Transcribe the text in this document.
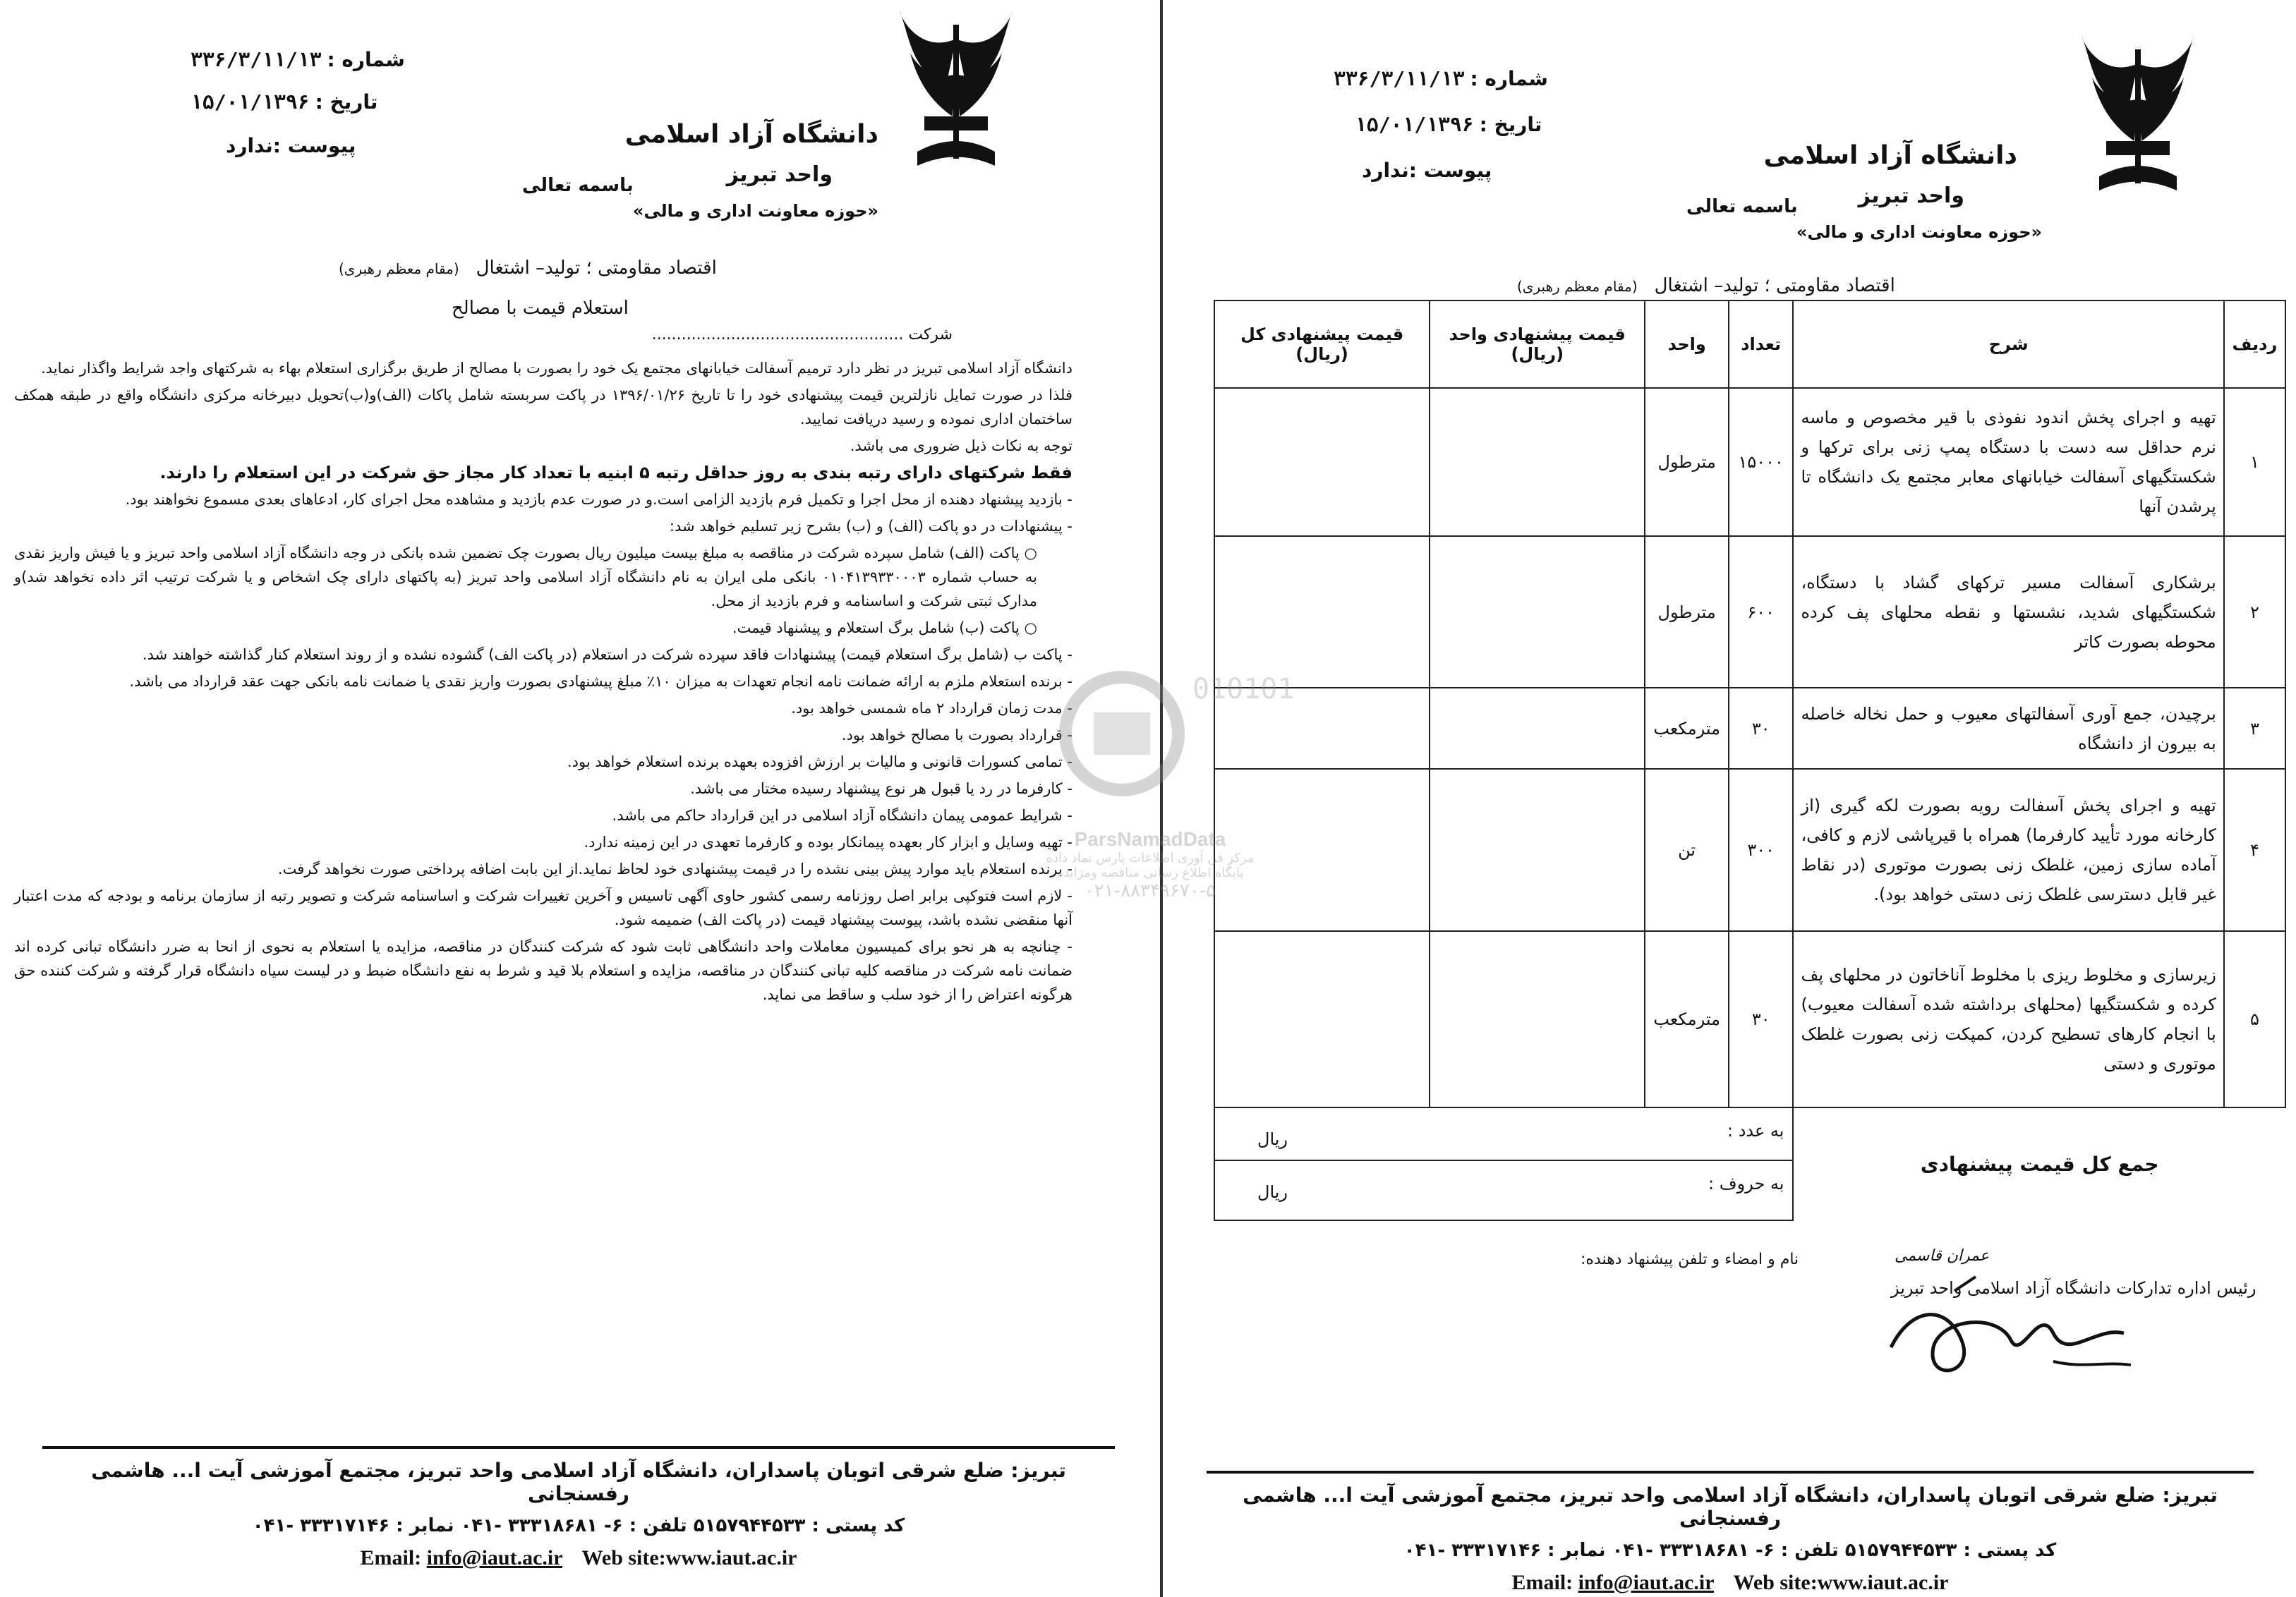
دانشگاه آزاد اسلامی
واحد تبریز
«حوزه معاونت اداری و مالی»
شماره :۳۳۶/۳/۱۱/۱۳
تاریخ :۱۵/۰۱/۱۳۹۶
پیوست :ندارد
باسمه تعالی
اقتصاد مقاومتی ؛ تولید– اشتغال(مقام معظم رهبری)
استعلام قیمت با مصالح
شرکت ...................................................

دانشگاه آزاد اسلامی تبریز در نظر دارد ترمیم آسفالت خیابانهای مجتمع یک خود را بصورت با مصالح از طریق برگزاری استعلام بهاء به شرکتهای واجد شرایط واگذار نماید.

فلذا در صورت تمایل نازلترین قیمت پیشنهادی خود را تا تاریخ ۱۳۹۶/۰۱/۲۶ در پاکت سربسته شامل پاکات (الف)و(ب)تحویل دبیرخانه مرکزی دانشگاه واقع در طبقه همکف ساختمان اداری نموده و رسید دریافت نمایید.

توجه به نکات ذیل ضروری می باشد.

فقط شرکتهای دارای رتبه بندی به روز حداقل رتبه ۵ ابنیه با تعداد کار مجاز حق شرکت در این استعلام را دارند.

- بازدید پیشنهاد دهنده از محل اجرا و تکمیل فرم بازدید الزامی است.و در صورت عدم بازدید و مشاهده محل اجرای کار، ادعاهای بعدی مسموع نخواهند بود.

- پیشنهادات در دو پاکت (الف) و (ب) بشرح زیر تسلیم خواهد شد:

○ پاکت (الف) شامل سپرده شرکت در مناقصه به مبلغ بیست میلیون ریال بصورت چک تضمین شده بانکی در وجه دانشگاه آزاد اسلامی واحد تبریز و یا فیش واریز نقدی به حساب شماره ۰۱۰۴۱۳۹۳۳۰۰۰۳ بانکی ملی ایران به نام دانشگاه آزاد اسلامی واحد تبریز (به پاکتهای دارای چک اشخاص و یا شرکت ترتیب اثر داده نخواهد شد)و مدارک ثبتی شرکت و اساسنامه و فرم بازدید از محل.

○ پاکت (ب) شامل برگ استعلام و پیشنهاد قیمت.

- پاکت ب (شامل برگ استعلام قیمت) پیشنهادات فاقد سپرده شرکت در استعلام (در پاکت الف) گشوده نشده و از روند استعلام کنار گذاشته خواهند شد.

- برنده استعلام ملزم به ارائه ضمانت نامه انجام تعهدات به میزان ۱۰٪ مبلغ پیشنهادی بصورت واریز نقدی یا ضمانت نامه بانکی جهت عقد قرارداد می باشد.

- مدت زمان قرارداد ۲ ماه شمسی خواهد بود.

- قرارداد بصورت با مصالح خواهد بود.

- تمامی کسورات قانونی و مالیات بر ارزش افزوده بعهده برنده استعلام خواهد بود.

- کارفرما در رد یا قبول هر نوع پیشنهاد رسیده مختار می باشد.

- شرایط عمومی پیمان دانشگاه آزاد اسلامی در این قرارداد حاکم می باشد.

- تهیه وسایل و ابزار کار بعهده پیمانکار بوده و کارفرما تعهدی در این زمینه ندارد.

- برنده استعلام باید موارد پیش بینی نشده را در قیمت پیشنهادی خود لحاظ نماید.از این بابت اضافه پرداختی صورت نخواهد گرفت.

- لازم است فتوکپی برابر اصل روزنامه رسمی کشور حاوی آگهی تاسیس و آخرین تغییرات شرکت و اساسنامه شرکت و تصویر رتبه از سازمان برنامه و بودجه که مدت اعتبار آنها منقضی نشده باشد، پیوست پیشنهاد قیمت (در پاکت الف) ضمیمه شود.

- چنانچه به هر نحو برای کمیسیون معاملات واحد دانشگاهی ثابت شود که شرکت کنندگان در مناقصه، مزایده یا استعلام به نحوی از انحا به ضرر دانشگاه تبانی کرده اند ضمانت نامه شرکت در مناقصه کلیه تبانی کنندگان در مناقصه، مزایده و استعلام بلا قید و شرط به نفع دانشگاه ضبط و در لیست سیاه دانشگاه قرار گرفته و شرکت کننده حق هرگونه اعتراض را از خود سلب و ساقط می نماید.

تبریز: ضلع شرقی اتوبان پاسداران، دانشگاه آزاد اسلامی واحد تبریز، مجتمع آموزشی آیت ا... هاشمی رفسنجانی
کد پستی : ۵۱۵۷۹۴۴۵۳۳ تلفن : ۶- ۳۳۳۱۸۶۸۱ -۰۴۱ نمابر : ۳۳۳۱۷۱۴۶ -۰۴۱
Email: info@iaut.ac.ir Web site:www.iaut.ac.ir
دانشگاه آزاد اسلامی
واحد تبریز
«حوزه معاونت اداری و مالی»
شماره :۳۳۶/۳/۱۱/۱۳
تاریخ :۱۵/۰۱/۱۳۹۶
پیوست :ندارد
باسمه تعالی
اقتصاد مقاومتی ؛ تولید– اشتغال(مقام معظم رهبری)
ردیف	شرح	تعداد	واحد	قیمت پیشنهادی واحد (ریال)	قیمت پیشنهادی کل (ریال)
۱	تهیه و اجرای پخش اندود نفوذی با قیر مخصوص و ماسه نرم حداقل سه دست با دستگاه پمپ زنی برای ترکها و شکستگیهای آسفالت خیابانهای معابر مجتمع یک دانشگاه تا پرشدن آنها	۱۵۰۰۰	مترطول		
۲	برشکاری آسفالت مسیر ترکهای گشاد با دستگاه، شکستگیهای شدید، نشستها و نقطه محلهای پف کرده محوطه بصورت کاتر	۶۰۰	مترطول		
۳	برچیدن، جمع آوری آسفالتهای معیوب و حمل نخاله خاصله به بیرون از دانشگاه	۳۰	مترمکعب		
۴	تهیه و اجرای پخش آسفالت رویه بصورت لکه گیری (از کارخانه مورد تأیید کارفرما) همراه با قیرپاشی لازم و کافی، آماده سازی زمین، غلطک زنی بصورت موتوری (در نقاط غیر قابل دسترسی غلطک زنی دستی خواهد بود).	۳۰۰	تن		
۵	زیرسازی و مخلوط ریزی با مخلوط آناخاتون در محلهای پف کرده و شکستگیها (محلهای برداشته شده آسفالت معیوب) با انجام کارهای تسطیح کردن، کمپکت زنی بصورت غلطک موتوری و دستی	۳۰	مترمکعب		
جمع کل قیمت پیشنهادی		به عدد :
ریال			

		به حروف :
ریال			
نام و امضاء و تلفن پیشنهاد دهنده:	عمران قاسمی
رئیس اداره تدارکات دانشگاه آزاد اسلامی واحد تبریز
تبریز: ضلع شرقی اتوبان پاسداران، دانشگاه آزاد اسلامی واحد تبریز، مجتمع آموزشی آیت ا... هاشمی رفسنجانی
کد پستی : ۵۱۵۷۹۴۴۵۳۳ تلفن : ۶- ۳۳۳۱۸۶۸۱ -۰۴۱ نمابر : ۳۳۳۱۷۱۴۶ -۰۴۱
Email: info@iaut.ac.ir Web site:www.iaut.ac.ir
010101
ParsNamadData
مرکز فن آوری اطلاعات پارس نماد داده
پایگاه اطلاع رسانی مناقصه ومزایده
۰۲۱-۸۸۳۴۹۶۷۰-۵
